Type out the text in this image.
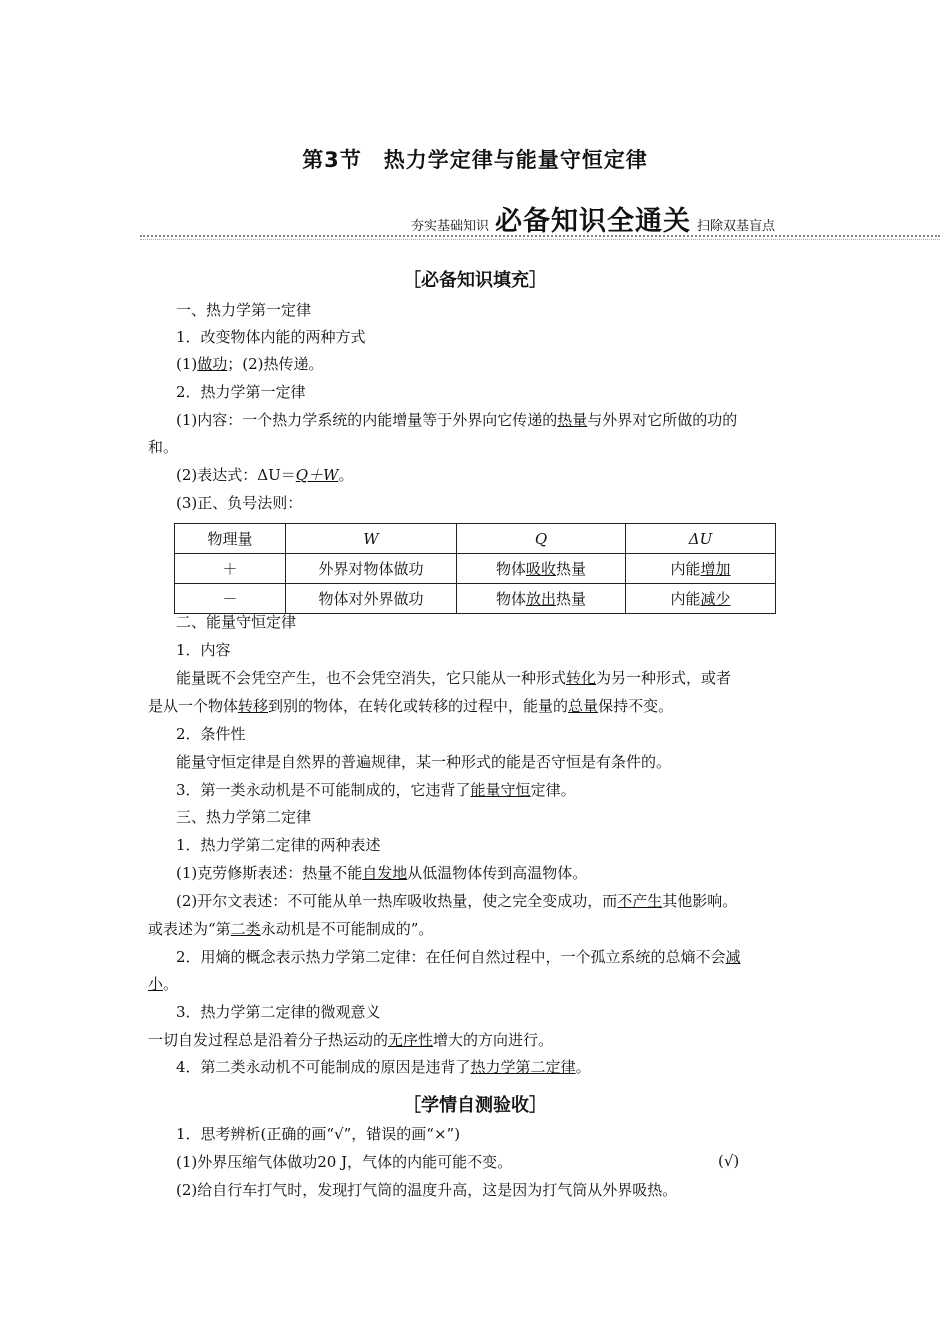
第3节　热力学定律与能量守恒定律
夯实基础知识 必备知识全通关 扫除双基盲点
［必备知识填充］
一、热力学第一定律
1．改变物体内能的两种方式
(1)做功；(2)热传递。
2．热力学第一定律
(1)内容：一个热力学系统的内能增量等于外界向它传递的热量与外界对它所做的功的
和。
(2)表达式：ΔU＝Q＋W。
(3)正、负号法则：
物理量	W	Q	ΔU
＋	外界对物体做功	物体吸收热量	内能增加
－	物体对外界做功	物体放出热量	内能减少
二、能量守恒定律
1．内容
能量既不会凭空产生，也不会凭空消失，它只能从一种形式转化为另一种形式，或者
是从一个物体转移到别的物体，在转化或转移的过程中，能量的总量保持不变。
2．条件性
能量守恒定律是自然界的普遍规律，某一种形式的能是否守恒是有条件的。
3．第一类永动机是不可能制成的，它违背了能量守恒定律。
三、热力学第二定律
1．热力学第二定律的两种表述
(1)克劳修斯表述：热量不能自发地从低温物体传到高温物体。
(2)开尔文表述：不可能从单一热库吸收热量，使之完全变成功，而不产生其他影响。
或表述为“第二类永动机是不可能制成的”。
2．用熵的概念表示热力学第二定律：在任何自然过程中，一个孤立系统的总熵不会减
小。
3．热力学第二定律的微观意义
一切自发过程总是沿着分子热运动的无序性增大的方向进行。
4．第二类永动机不可能制成的原因是违背了热力学第二定律。
［学情自测验收］
1．思考辨析(正确的画“√”，错误的画“×”)
(1)外界压缩气体做功20 J，气体的内能可能不变。	(√)
(2)给自行车打气时，发现打气筒的温度升高，这是因为打气筒从外界吸热。
